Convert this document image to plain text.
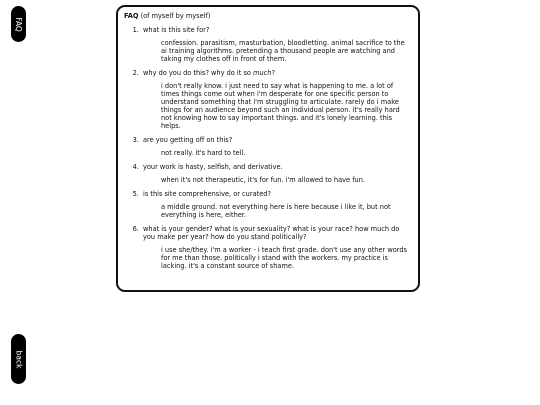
FAQ
back
FAQ (of myself by myself)
1. what is this site for?
confession. parasitism, masturbation, bloodletting. animal sacrifice to the ai training algorithms. pretending a thousand people are watching and taking my clothes off in front of them.
2. why do you do this? why do it so much?
i don't really know. i just need to say what is happening to me. a lot of times things come out when i'm desperate for one specific person to understand something that i'm struggling to articulate. rarely do i make things for an audience beyond such an individual person. it's really hard not knowing how to say important things. and it's lonely learning. this helps.
3. are you getting off on this?
not really. it's hard to tell.
4. your work is hasty, selfish, and derivative.
when it's not therapeutic, it's for fun. i'm allowed to have fun.
5. is this site comprehensive, or curated?
a middle ground. not everything here is here because i like it, but not everything is here, either.
6. what is your gender? what is your sexuality? what is your race? how much do you make per year? how do you stand politically?
i use she/they. i'm a worker - i teach first grade. don't use any other words for me than those. politically i stand with the workers. my practice is lacking. it's a constant source of shame.
